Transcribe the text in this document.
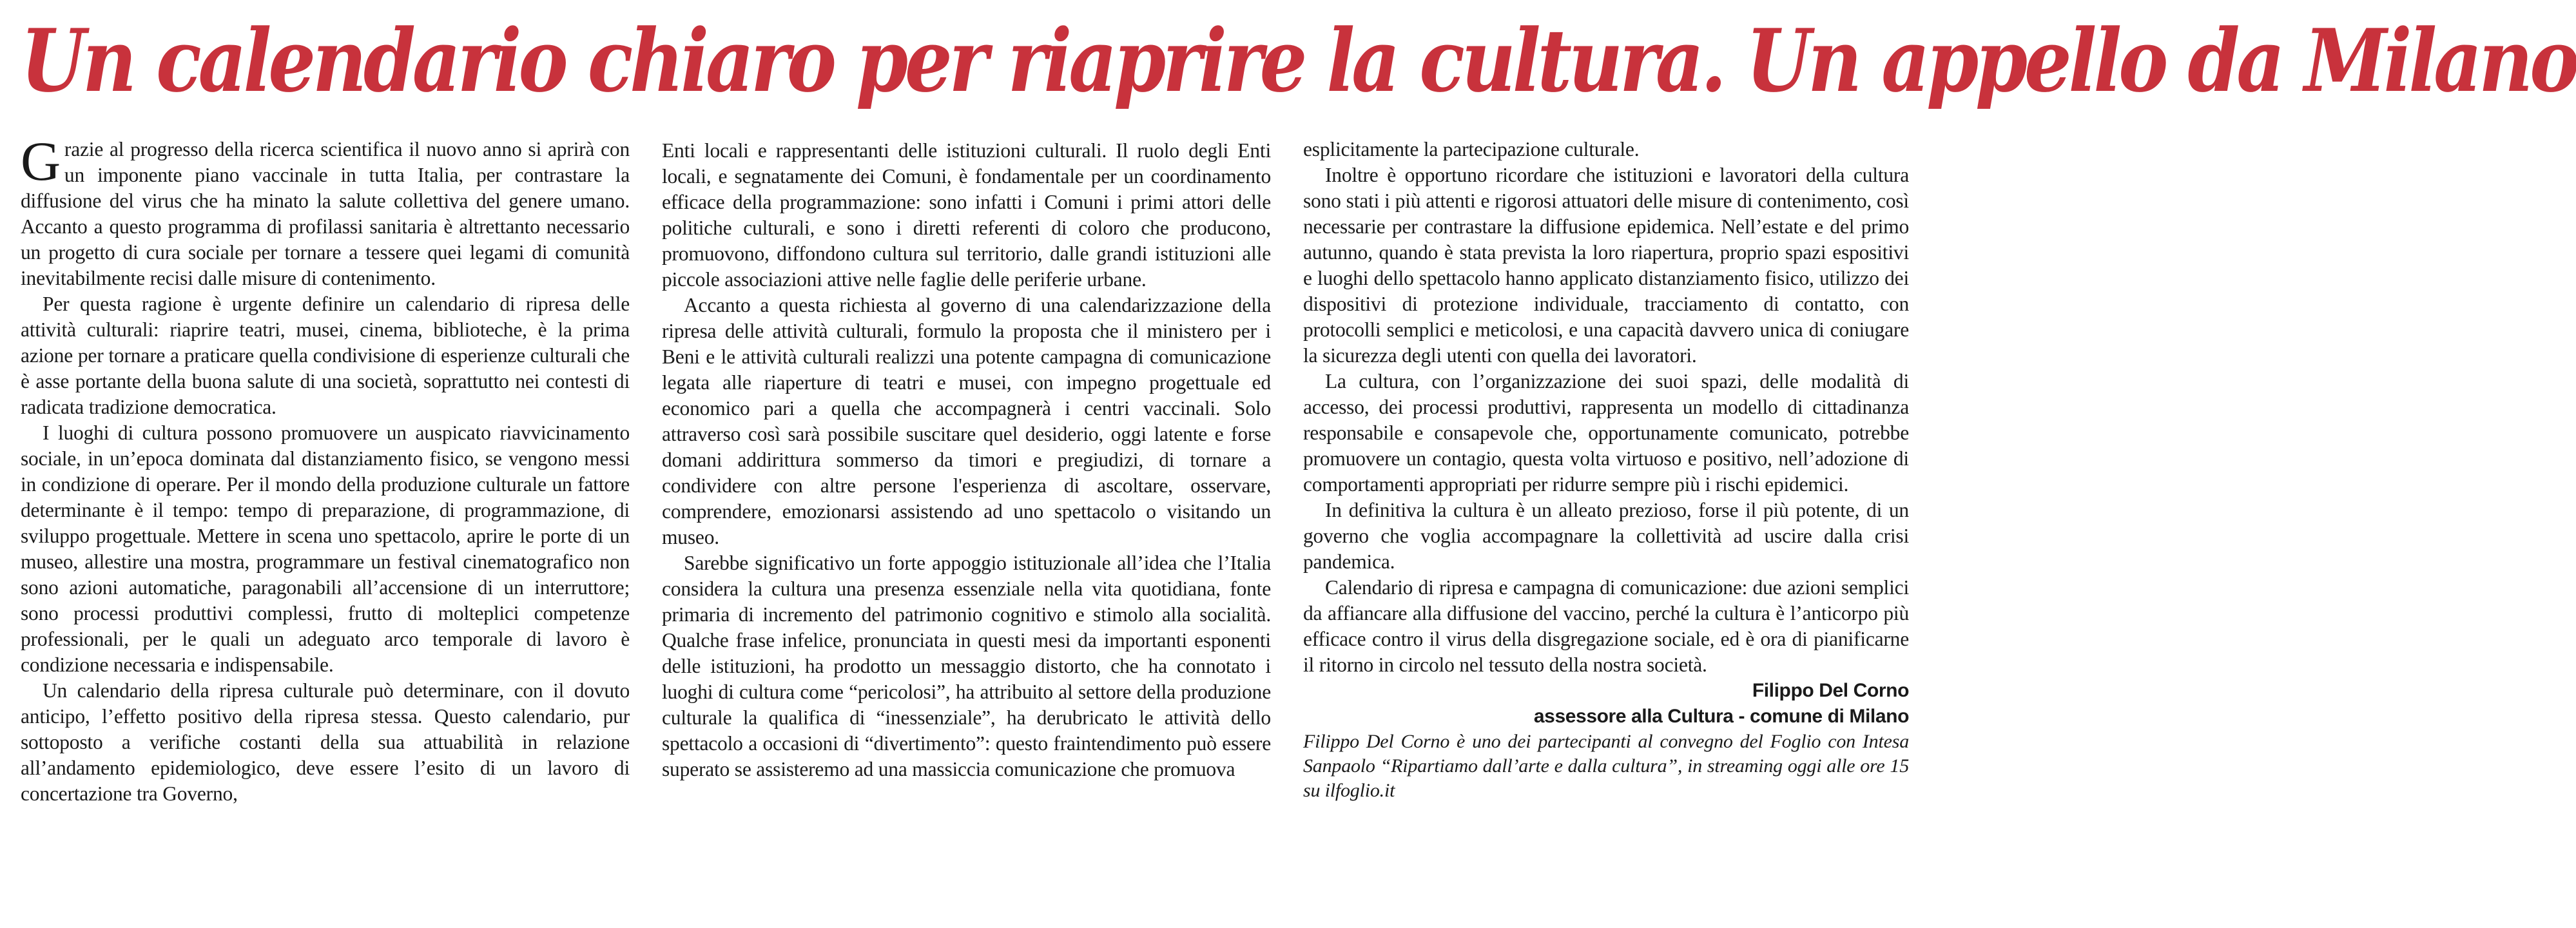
Un calendario chiaro per riaprire la cultura. Un appello da Milano

Grazie al progresso della ricerca scientifica il nuovo anno si aprirà con un imponente piano vaccinale in tutta Italia, per contrastare la diffusione del virus che ha minato la salute collettiva del genere umano. Accanto a questo programma di profilassi sanitaria è altrettanto necessario un progetto di cura sociale per tornare a tessere quei legami di comunità inevitabilmente recisi dalle misure di contenimento.

Per questa ragione è urgente definire un calendario di ripresa delle attività culturali: riaprire teatri, musei, cinema, biblioteche, è la prima azione per tornare a praticare quella condivisione di esperienze culturali che è asse portante della buona salute di una società, soprattutto nei contesti di radicata tradizione democratica.

I luoghi di cultura possono promuovere un auspicato riavvicinamento sociale, in un’epoca dominata dal distanziamento fisico, se vengono messi in condizione di operare. Per il mondo della produzione culturale un fattore determinante è il tempo: tempo di preparazione, di programmazione, di sviluppo progettuale. Mettere in scena uno spettacolo, aprire le porte di un museo, allestire una mostra, programmare un festival cinematografico non sono azioni automatiche, paragonabili all’accensione di un interruttore; sono processi produttivi complessi, frutto di molteplici competenze professionali, per le quali un adeguato arco temporale di lavoro è condizione necessaria e indispensabile.

Un calendario della ripresa culturale può determinare, con il dovuto anticipo, l’effetto positivo della ripresa stessa. Questo calendario, pur sottoposto a verifiche costanti della sua attuabilità in relazione all’andamento epidemiologico, deve essere l’esito di un lavoro di concertazione tra Governo,

Enti locali e rappresentanti delle istituzioni culturali. Il ruolo degli Enti locali, e segnatamente dei Comuni, è fondamentale per un coordinamento efficace della programmazione: sono infatti i Comuni i primi attori delle politiche culturali, e sono i diretti referenti di coloro che producono, promuovono, diffondono cultura sul territorio, dalle grandi istituzioni alle piccole associazioni attive nelle faglie delle periferie urbane.

Accanto a questa richiesta al governo di una calendarizzazione della ripresa delle attività culturali, formulo la proposta che il ministero per i Beni e le attività culturali realizzi una potente campagna di comunicazione legata alle riaperture di teatri e musei, con impegno progettuale ed economico pari a quella che accompagnerà i centri vaccinali. Solo attraverso così sarà possibile suscitare quel desiderio, oggi latente e forse domani addirittura sommerso da timori e pregiudizi, di tornare a condividere con altre persone l'esperienza di ascoltare, osservare, comprendere, emozionarsi assistendo ad uno spettacolo o visitando un museo.

Sarebbe significativo un forte appoggio istituzionale all’idea che l’Italia considera la cultura una presenza essenziale nella vita quotidiana, fonte primaria di incremento del patrimonio cognitivo e stimolo alla socialità. Qualche frase infelice, pronunciata in questi mesi da importanti esponenti delle istituzioni, ha prodotto un messaggio distorto, che ha connotato i luoghi di cultura come “pericolosi”, ha attribuito al settore della produzione culturale la qualifica di “inessenziale”, ha derubricato le attività dello spettacolo a occasioni di “divertimento”: questo fraintendimento può essere superato se assisteremo ad una massiccia comunicazione che promuova

esplicitamente la partecipazione culturale.

Inoltre è opportuno ricordare che istituzioni e lavoratori della cultura sono stati i più attenti e rigorosi attuatori delle misure di contenimento, così necessarie per contrastare la diffusione epidemica. Nell’estate e del primo autunno, quando è stata prevista la loro riapertura, proprio spazi espositivi e luoghi dello spettacolo hanno applicato distanziamento fisico, utilizzo dei dispositivi di protezione individuale, tracciamento di contatto, con protocolli semplici e meticolosi, e una capacità davvero unica di coniugare la sicurezza degli utenti con quella dei lavoratori.

La cultura, con l’organizzazione dei suoi spazi, delle modalità di accesso, dei processi produttivi, rappresenta un modello di cittadinanza responsabile e consapevole che, opportunamente comunicato, potrebbe promuovere un contagio, questa volta virtuoso e positivo, nell’adozione di comportamenti appropriati per ridurre sempre più i rischi epidemici.

In definitiva la cultura è un alleato prezioso, forse il più potente, di un governo che voglia accompagnare la collettività ad uscire dalla crisi pandemica.

Calendario di ripresa e campagna di comunicazione: due azioni semplici da affiancare alla diffusione del vaccino, perché la cultura è l’anticorpo più efficace contro il virus della disgregazione sociale, ed è ora di pianificarne il ritorno in circolo nel tessuto della nostra società.

Filippo Del Corno

assessore alla Cultura - comune di Milano

Filippo Del Corno è uno dei partecipanti al convegno del Foglio con Intesa Sanpaolo “Ripartiamo dall’arte e dalla cultura”, in streaming oggi alle ore 15 su ilfoglio.it
